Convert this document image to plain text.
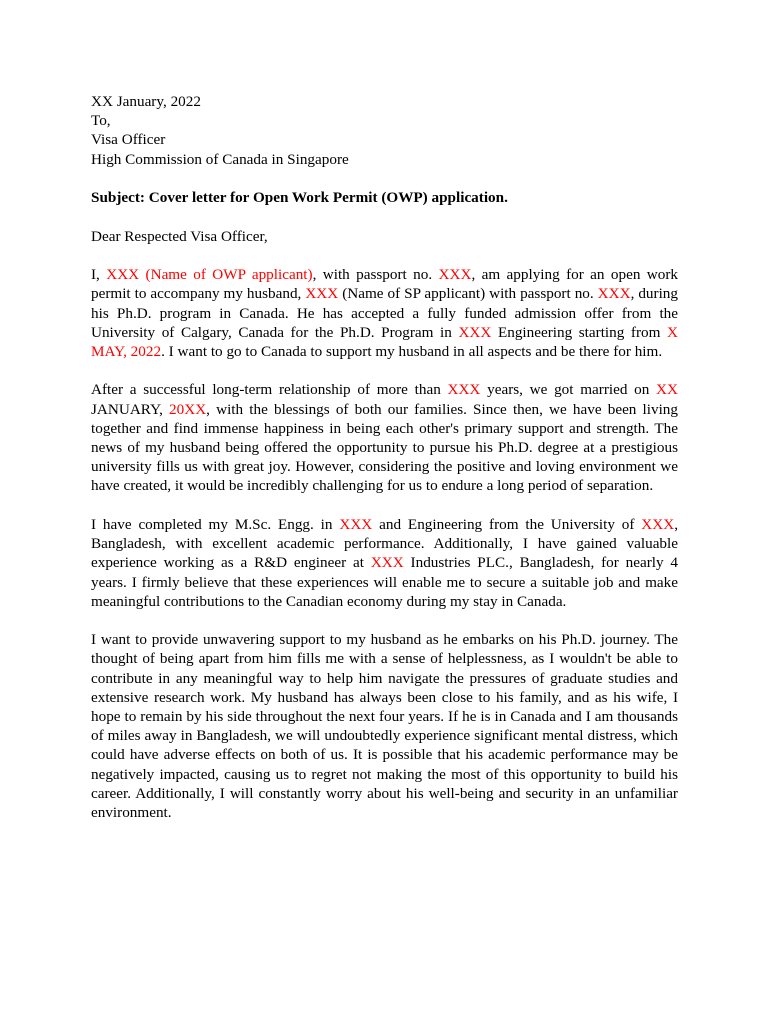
XX January, 2022
To,
Visa Officer
High Commission of Canada in Singapore
Subject: Cover letter for Open Work Permit (OWP) application.
Dear Respected Visa Officer,

I, XXX (Name of OWP applicant), with passport no. XXX, am applying for an open work permit to accompany my husband, XXX (Name of SP applicant) with passport no. XXX, during his Ph.D. program in Canada. He has accepted a fully funded admission offer from the University of Calgary, Canada for the Ph.D. Program in XXX Engineering starting from X MAY, 2022. I want to go to Canada to support my husband in all aspects and be there for him.

After a successful long-term relationship of more than XXX years, we got married on XX JANUARY, 20XX, with the blessings of both our families. Since then, we have been living together and find immense happiness in being each other's primary support and strength. The news of my husband being offered the opportunity to pursue his Ph.D. degree at a prestigious university fills us with great joy. However, considering the positive and loving environment we have created, it would be incredibly challenging for us to endure a long period of separation.

I have completed my M.Sc. Engg. in XXX and Engineering from the University of XXX, Bangladesh, with excellent academic performance. Additionally, I have gained valuable experience working as a R&D engineer at XXX Industries PLC., Bangladesh, for nearly 4 years. I firmly believe that these experiences will enable me to secure a suitable job and make meaningful contributions to the Canadian economy during my stay in Canada.

I want to provide unwavering support to my husband as he embarks on his Ph.D. journey. The thought of being apart from him fills me with a sense of helplessness, as I wouldn't be able to contribute in any meaningful way to help him navigate the pressures of graduate studies and extensive research work. My husband has always been close to his family, and as his wife, I hope to remain by his side throughout the next four years. If he is in Canada and I am thousands of miles away in Bangladesh, we will undoubtedly experience significant mental distress, which could have adverse effects on both of us. It is possible that his academic performance may be negatively impacted, causing us to regret not making the most of this opportunity to build his career. Additionally, I will constantly worry about his well-being and security in an unfamiliar environment.
